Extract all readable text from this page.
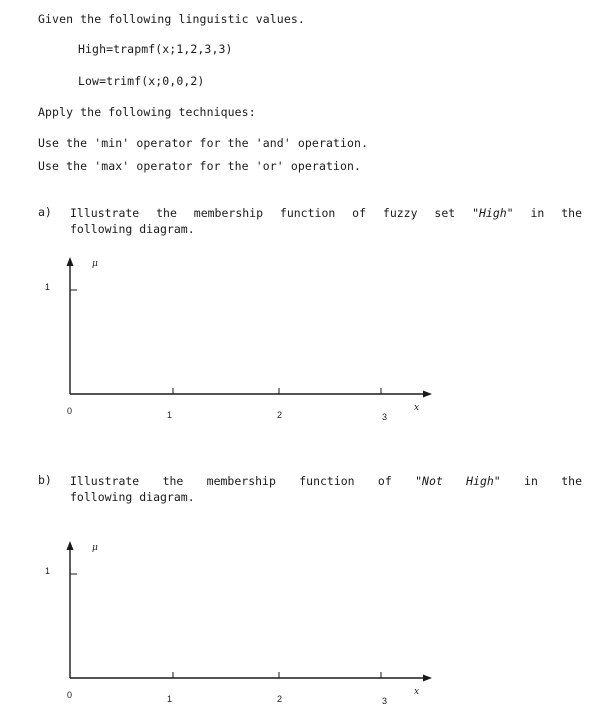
Given the following linguistic values.
High=trapmf(x;1,2,3,3)
Low=trimf(x;0,0,2)
Apply the following techniques:
Use the 'min' operator for the 'and' operation.
Use the 'max' operator for the 'or' operation.
a) Illustrate the membership function of fuzzy set "High" in the
following diagram.
μ
1
0	1	2	3
x
b) Illustrate the membership function of "Not High" in the
following diagram.
μ
1
0	1	2	3
x
